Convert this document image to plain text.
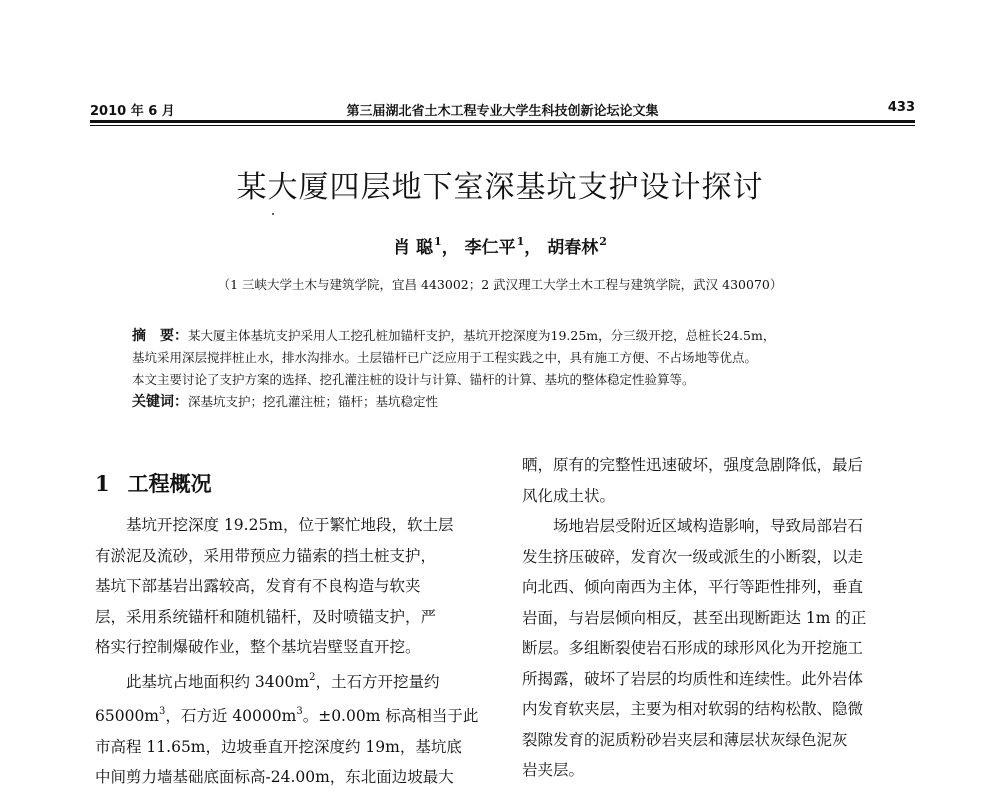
2010 年 6 月	第三届湖北省土木工程专业大学生科技创新论坛论文集	433
某大厦四层地下室深基坑支护设计探讨
肖 聪$^1$， 李仁平$^1$， 胡春林$^2$
（1 三峡大学土木与建筑学院，宜昌 443002；2 武汉理工大学土木工程与建筑学院，武汉 430070）

摘　要：某大厦主体基坑支护采用人工挖孔桩加锚杆支护，基坑开挖深度为19.25m，分三级开挖，总桩长24.5m，

基坑采用深层搅拌桩止水，排水沟排水。土层锚杆已广泛应用于工程实践之中，具有施工方便、不占场地等优点。

本文主要讨论了支护方案的选择、挖孔灌注桩的设计与计算、锚杆的计算、基坑的整体稳定性验算等。

关键词：深基坑支护；挖孔灌注桩；锚杆；基坑稳定性

1 工程概况

基坑开挖深度 19.25m，位于繁忙地段，软土层

有淤泥及流砂，采用带预应力锚索的挡土桩支护，

基坑下部基岩出露较高，发育有不良构造与软夹

层，采用系统锚杆和随机锚杆，及时喷锚支护，严

格实行控制爆破作业，整个基坑岩壁竖直开挖。

此基坑占地面积约 $3400m^2$，土石方开挖量约

$65000m^3$，石方近 $40000m^3$。±0.00m 标高相当于此

市高程 11.65m，边坡垂直开挖深度约 19m，基坑底

中间剪力墙基础底面标高-24.00m，东北面边坡最大

晒，原有的完整性迅速破坏，强度急剧降低，最后

风化成土状。

场地岩层受附近区域构造影响，导致局部岩石

发生挤压破碎，发育次一级或派生的小断裂，以走

向北西、倾向南西为主体，平行等距性排列，垂直

岩面，与岩层倾向相反，甚至出现断距达 1m 的正

断层。多组断裂使岩石形成的球形风化为开挖施工

所揭露，破坏了岩层的均质性和连续性。此外岩体

内发育软夹层，主要为相对软弱的结构松散、隐微

裂隙发育的泥质粉砂岩夹层和薄层状灰绿色泥灰

岩夹层。
